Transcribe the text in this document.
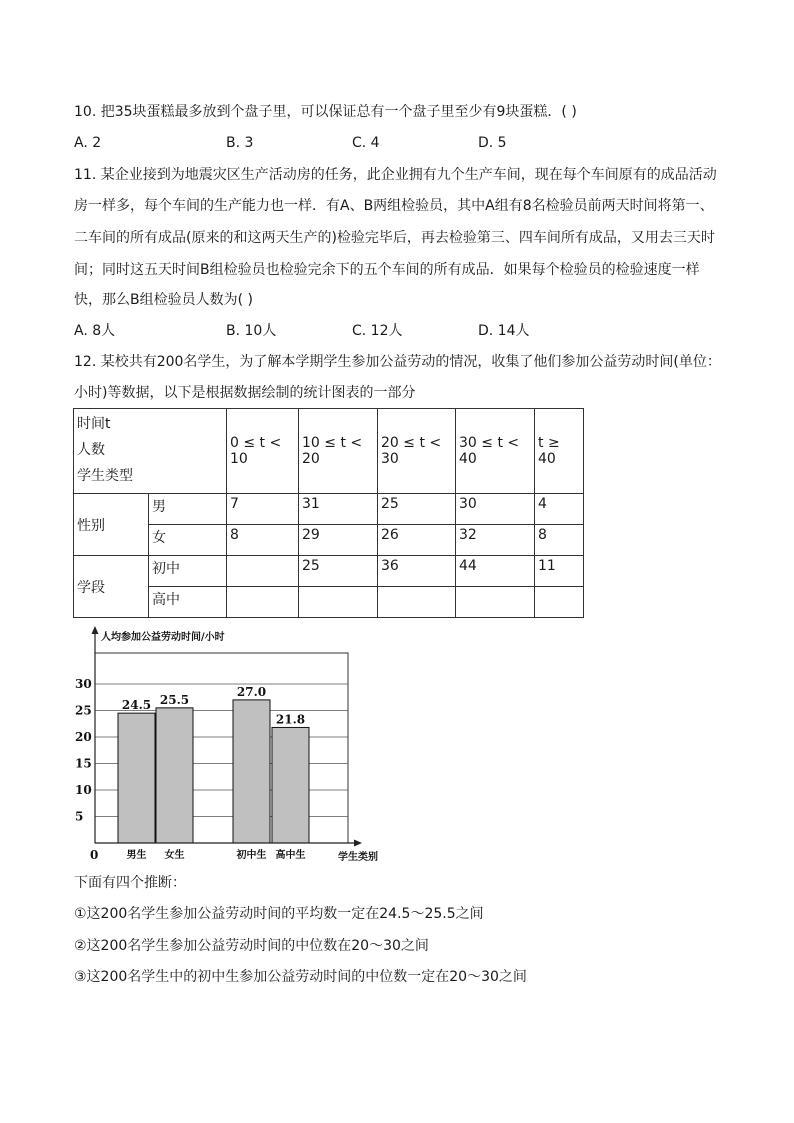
10. 把35块蛋糕最多放到个盘子里，可以保证总有一个盘子里至少有9块蛋糕．( )
A. 2	B. 3	C. 4	D. 5
11. 某企业接到为地震灾区生产活动房的任务，此企业拥有九个生产车间，现在每个车间原有的成品活动
房一样多，每个车间的生产能力也一样．有A、B两组检验员，其中A组有8名检验员前两天时间将第一、
二车间的所有成品(原来的和这两天生产的)检验完毕后，再去检验第三、四车间所有成品，又用去三天时
间；同时这五天时间B组检验员也检验完余下的五个车间的所有成品．如果每个检验员的检验速度一样
快，那么B组检验员人数为( )
A. 8人	B. 10人	C. 12人	D. 14人
12. 某校共有200名学生，为了解本学期学生参加公益劳动的情况，收集了他们参加公益劳动时间(单位：
小时)等数据，以下是根据数据绘制的统计图表的一部分
时间t
人数
学生类型		0 ≤ t < 10	10 ≤ t < 20	20 ≤ t < 30	30 ≤ t < 40	t ≥ 40
性别	男	7	31	25	30	4
	女	8	29	26	32	8
学段	初中		25	36	44	11
	高中					
24.5
男生
25.5
女生
27.0
初中生
21.8
高中生
5
10
15
20
25
30
人均参加公益劳动时间/小时
学生类别
0
下面有四个推断：
①这200名学生参加公益劳动时间的平均数一定在24.5～25.5之间
②这200名学生参加公益劳动时间的中位数在20～30之间
③这200名学生中的初中生参加公益劳动时间的中位数一定在20～30之间
